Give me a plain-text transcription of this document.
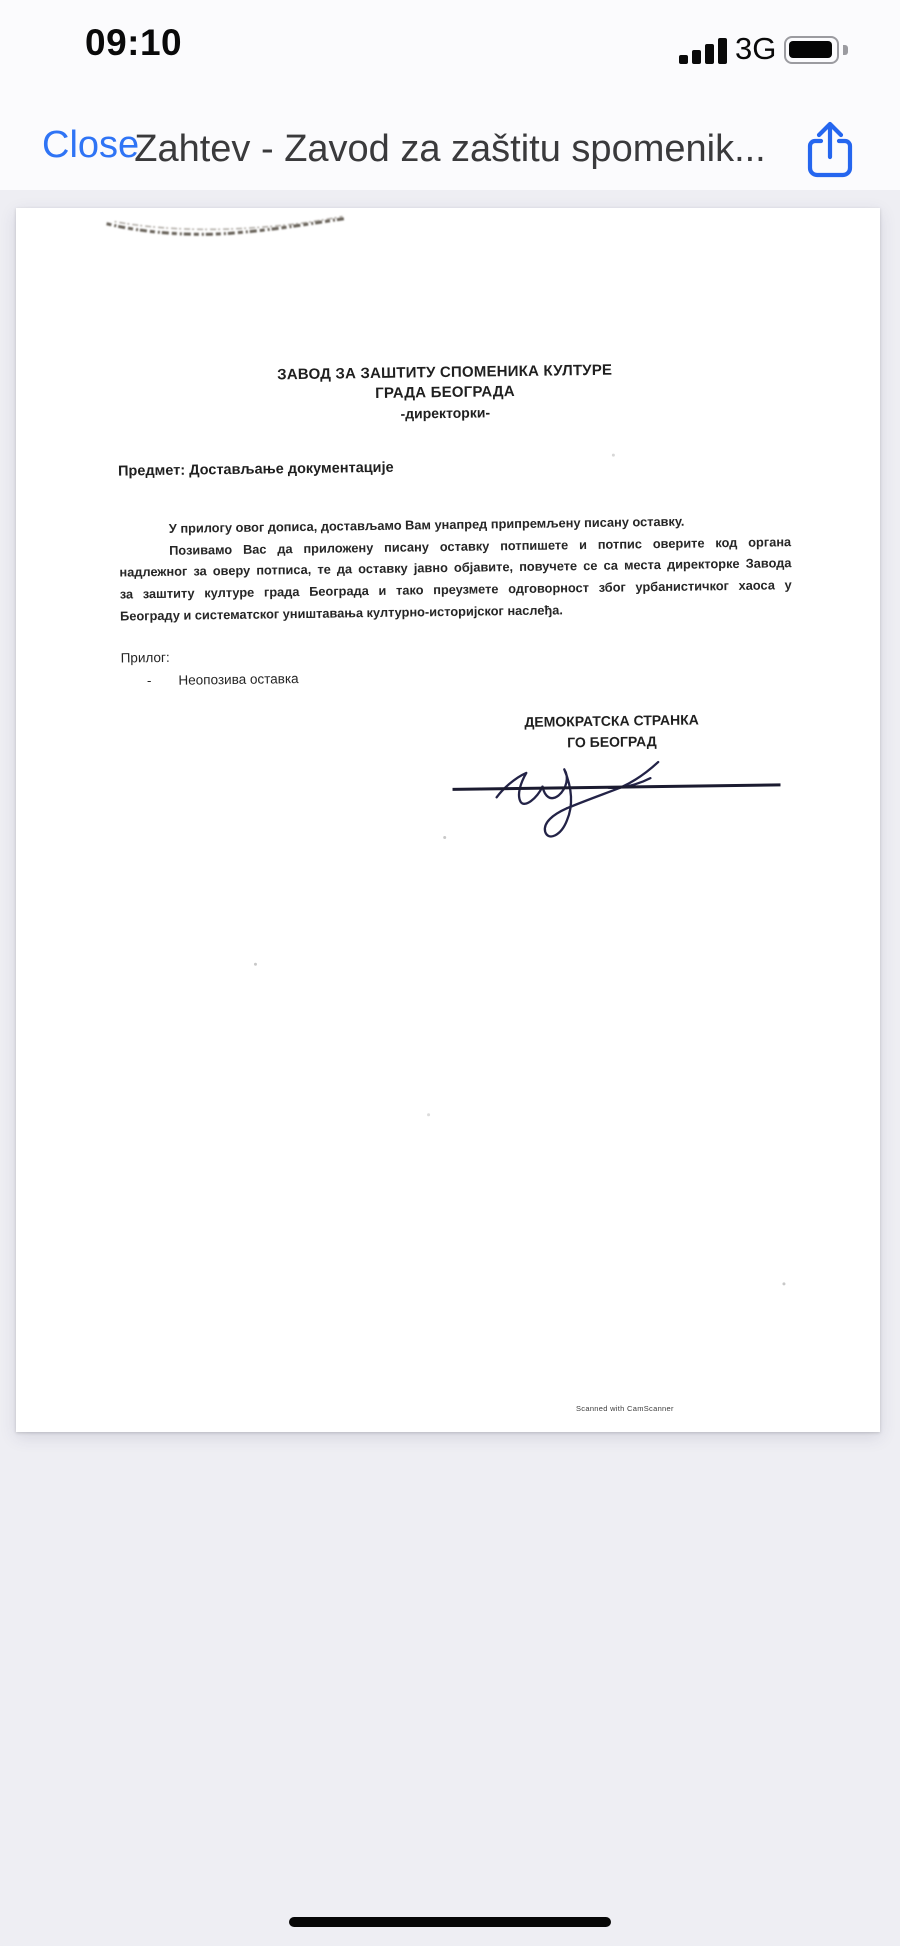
09:10	3G
Close
Zahtev - Zavod za zaštitu spomenik...
ЗАВОД ЗА ЗАШТИТУ СПОМЕНИКА КУЛТУРЕ
ГРАДА БЕОГРАДА
-директорки-
Предмет: Достављање документације
У прилогу овог дописа, достављамо Вам унапред припремљену писану оставку.
Позивамо Вас да приложену писану оставку потпишете и потпис оверите код органа
надлежног за оверу потписа, те да оставку јавно објавите, повучете се са места директорке Завода
за заштиту културе града Београда и тако преузмете одговорност због урбанистичког хаоса у
Београду и систематског уништавања културно-историјског наслеђа.
Прилог:
- Неопозива оставка
ДЕМОКРАТСКА СТРАНКА
ГО БЕОГРАД
Scanned with CamScanner
